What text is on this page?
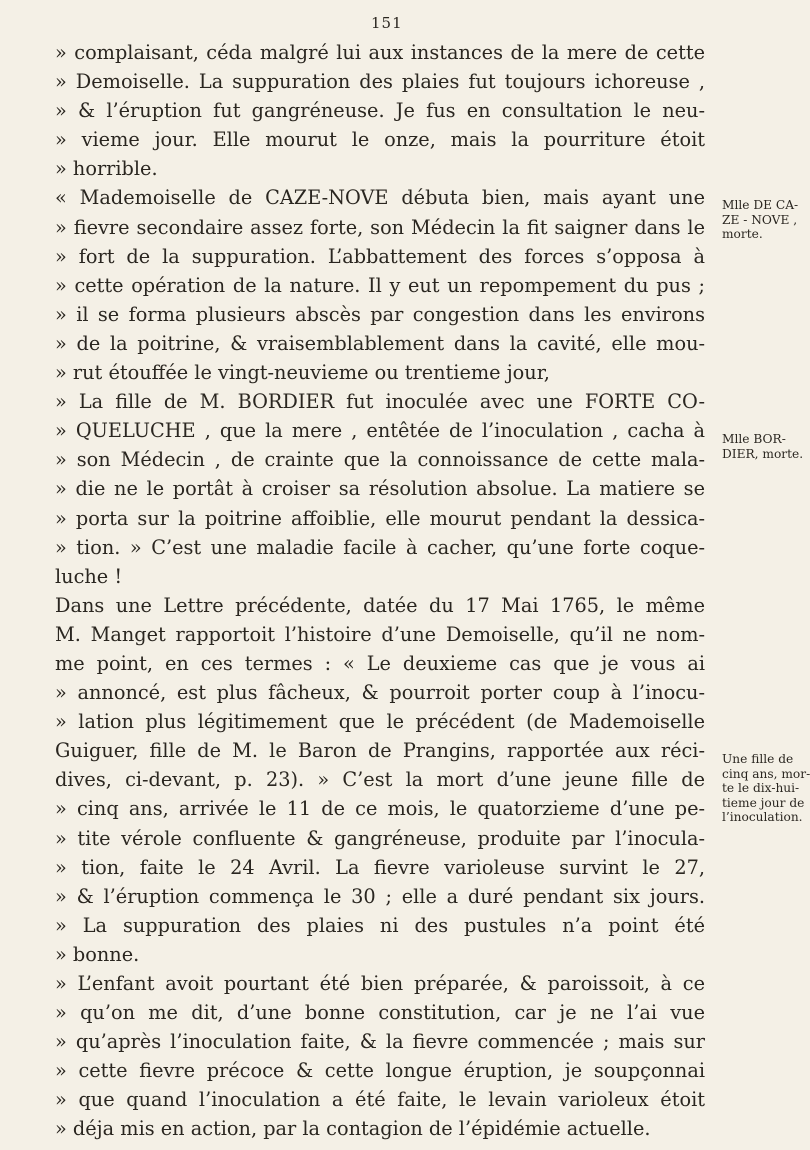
151
» complaisant, céda malgré lui aux instances de la mere de cette
» Demoiselle. La suppuration des plaies fut toujours ichoreuse ,
» & l’éruption fut gangréneuse. Je fus en consultation le neu-
» vieme jour. Elle mourut le onze, mais la pourriture étoit
» horrible.
« Mademoiselle de CAZE-NOVE débuta bien, mais ayant une
» fievre secondaire assez forte, son Médecin la fit saigner dans le
» fort de la suppuration. L’abbattement des forces s’opposa à
» cette opération de la nature. Il y eut un repompement du pus ;
» il se forma plusieurs abscès par congestion dans les environs
» de la poitrine, & vraisemblablement dans la cavité, elle mou-
» rut étouffée le vingt-neuvieme ou trentieme jour,
» La fille de M. BORDIER fut inoculée avec une FORTE CO-
» QUELUCHE , que la mere , entêtée de l’inoculation , cacha à
» son Médecin , de crainte que la connoissance de cette mala-
» die ne le portât à croiser sa résolution absolue. La matiere se
» porta sur la poitrine affoiblie, elle mourut pendant la dessica-
» tion. » C’est une maladie facile à cacher, qu’une forte coque-
luche !
Dans une Lettre précédente, datée du 17 Mai 1765, le même
M. Manget rapportoit l’histoire d’une Demoiselle, qu’il ne nom-
me point, en ces termes : « Le deuxieme cas que je vous ai
» annoncé, est plus fâcheux, & pourroit porter coup à l’inocu-
» lation plus légitimement que le précédent (de Mademoiselle
Guiguer, fille de M. le Baron de Prangins, rapportée aux réci-
dives, ci-devant, p. 23). » C’est la mort d’une jeune fille de
» cinq ans, arrivée le 11 de ce mois, le quatorzieme d’une pe-
» tite vérole confluente & gangréneuse, produite par l’inocula-
» tion, faite le 24 Avril. La fievre varioleuse survint le 27,
» & l’éruption commença le 30 ; elle a duré pendant six jours.
» La suppuration des plaies ni des pustules n’a point été
» bonne.
» L’enfant avoit pourtant été bien préparée, & paroissoit, à ce
» qu’on me dit, d’une bonne constitution, car je ne l’ai vue
» qu’après l’inoculation faite, & la fievre commencée ; mais sur
» cette fievre précoce & cette longue éruption, je soupçonnai
» que quand l’inoculation a été faite, le levain varioleux étoit
» déja mis en action, par la contagion de l’épidémie actuelle.
Mlle DE CA-
ZE - NOVE ,
morte.
Mlle BOR-
DIER, morte.
Une fille de
cinq ans, mor-
te le dix-hui-
tieme jour de
l’inoculation.
